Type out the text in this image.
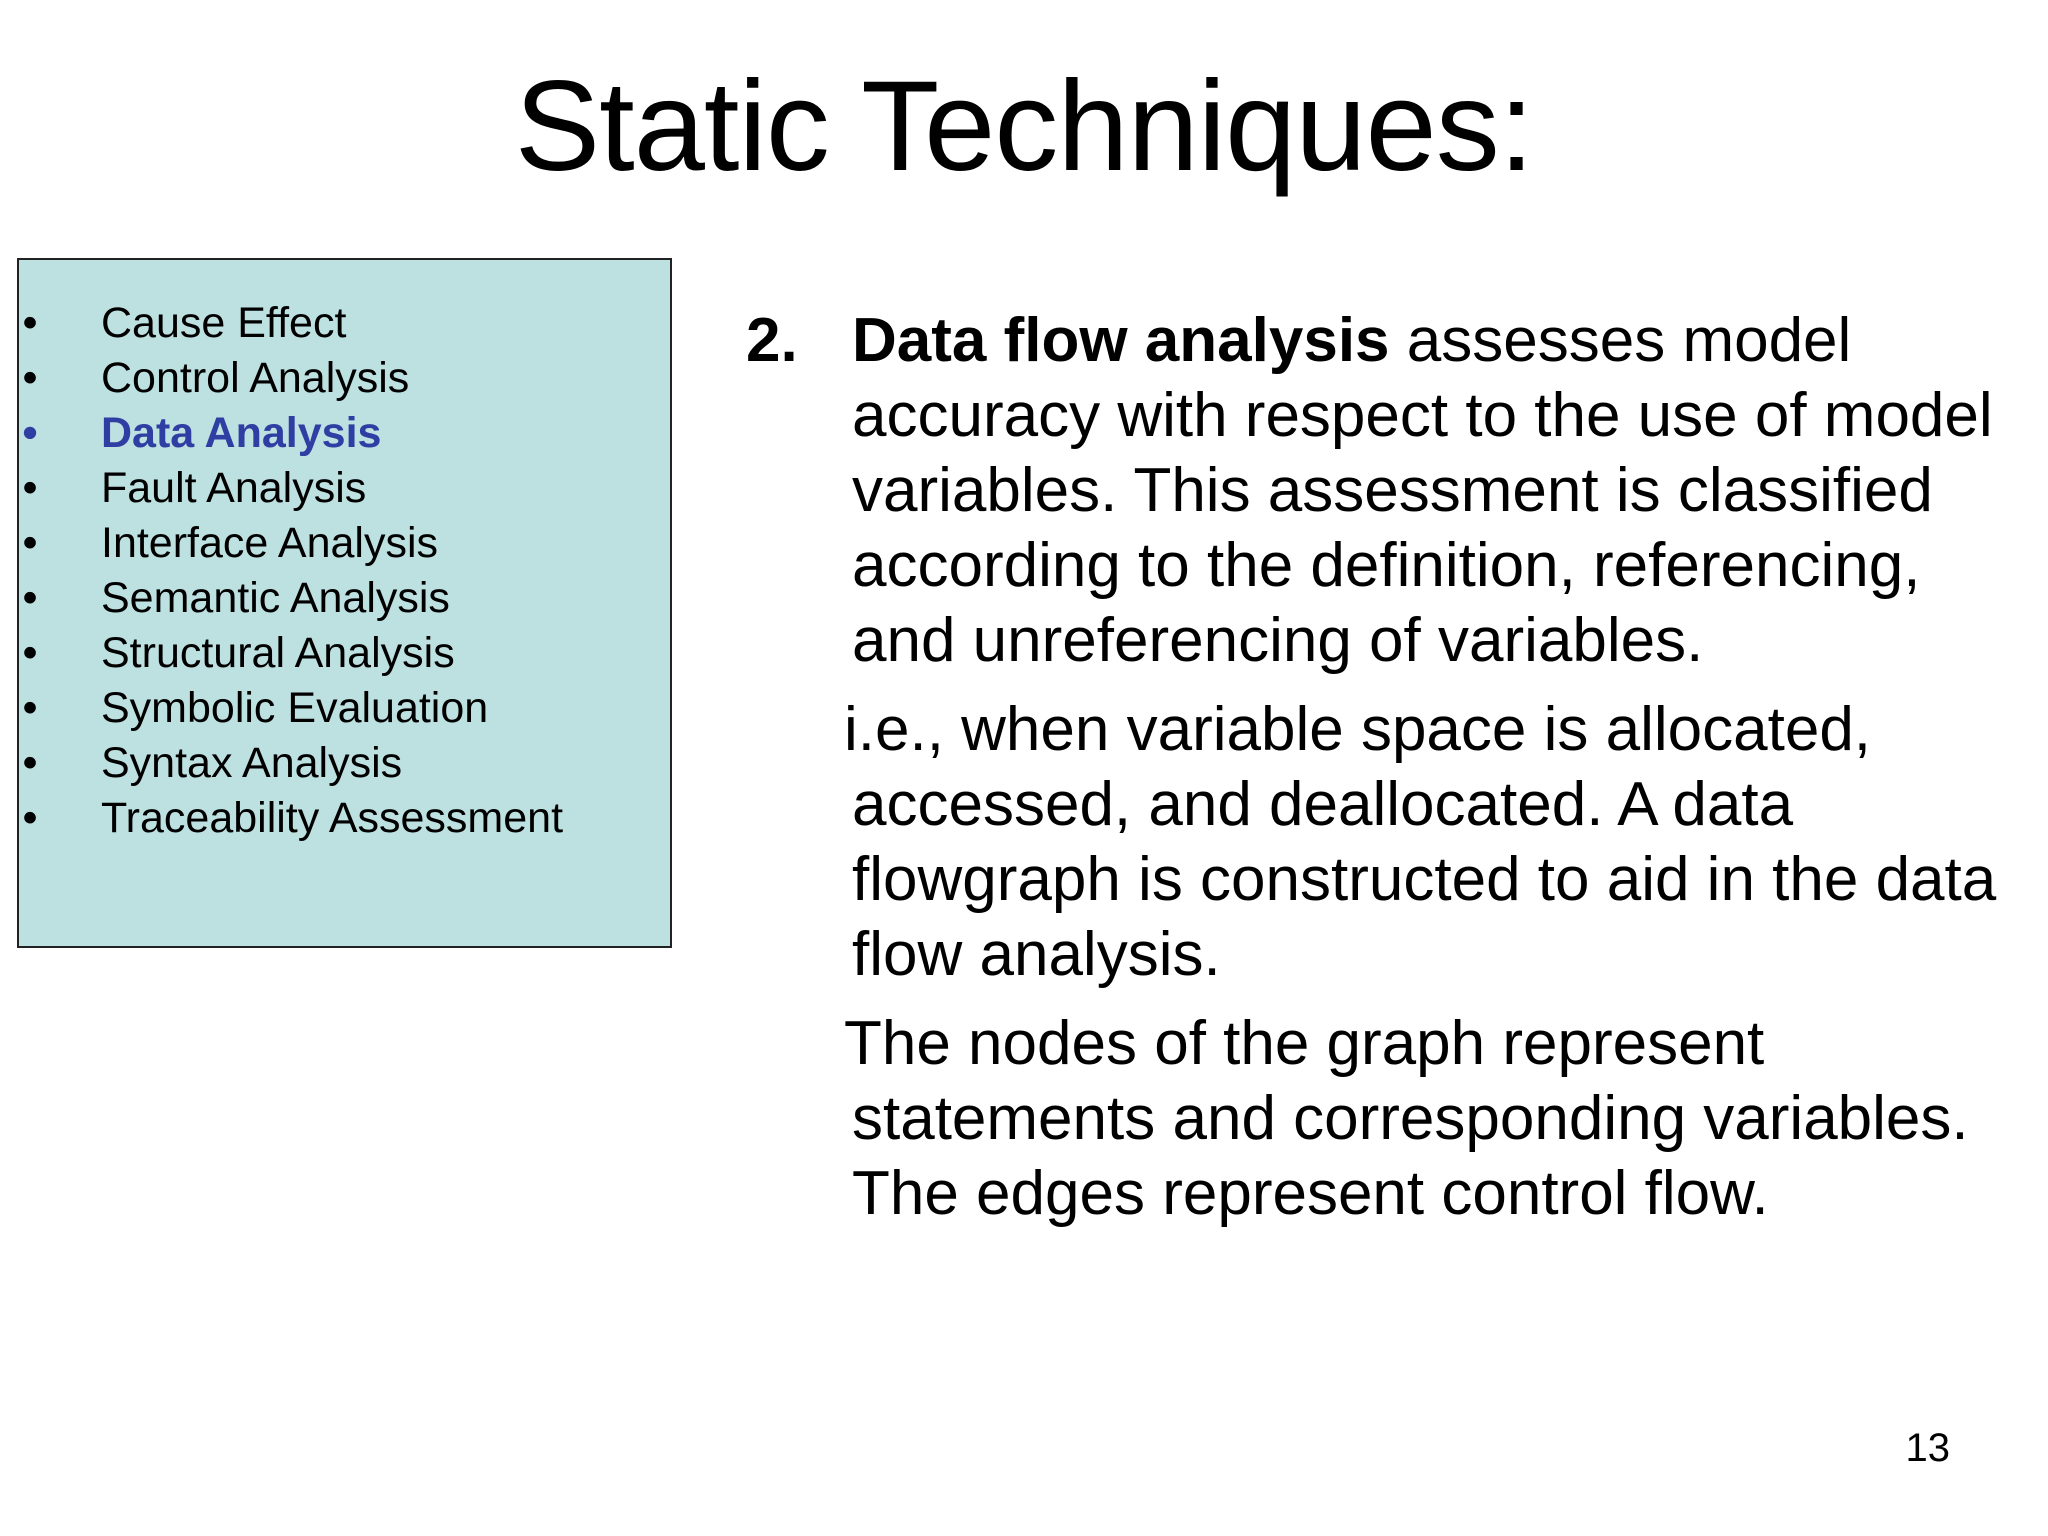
Static Techniques:
• Cause Effect
• Control Analysis
• Data Analysis
• Fault Analysis
• Interface Analysis
• Semantic Analysis
• Structural Analysis
• Symbolic Evaluation
• Syntax Analysis
• Traceability Assessment
2. Data flow analysis assesses model accuracy with respect to the use of model variables. This assessment is classified according to the definition, referencing, and unreferencing of variables.

i.e., when variable space is allocated, accessed, and deallocated. A data flowgraph is constructed to aid in the data flow analysis.

The nodes of the graph represent statements and corresponding variables. The edges represent control flow.

13
